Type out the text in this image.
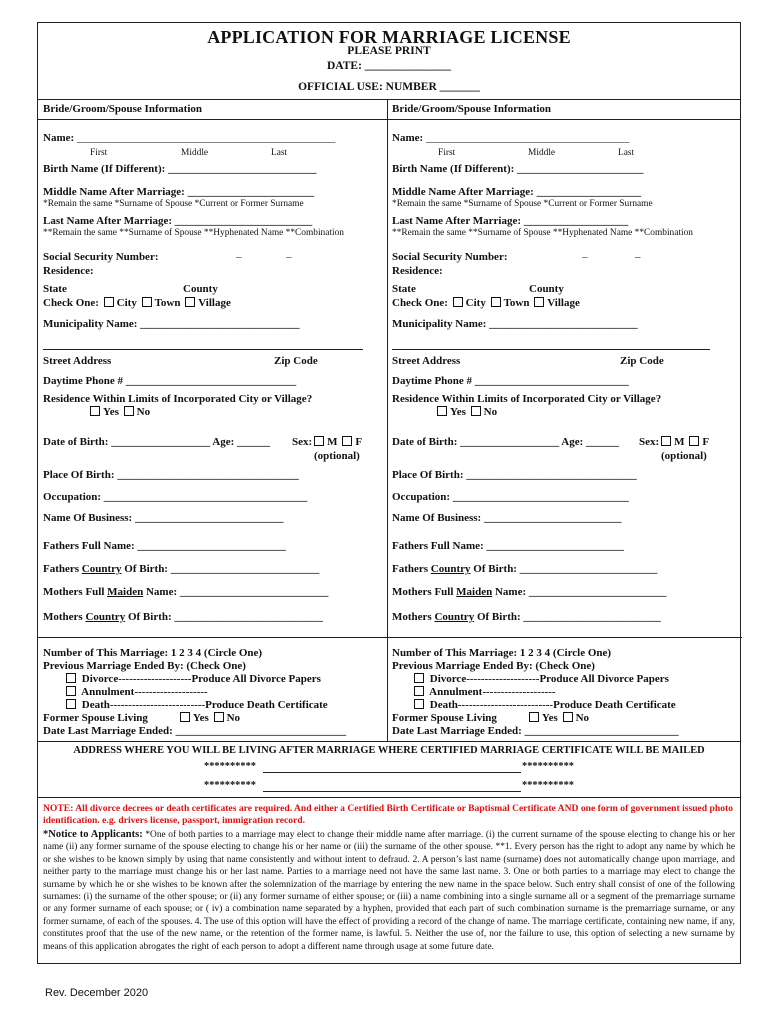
APPLICATION FOR MARRIAGE LICENSE
PLEASE PRINT
DATE: _______________
OFFICIAL USE: NUMBER _______
Bride/Groom/Spouse Information	Bride/Groom/Spouse Information
Name: _______________________________________________
First	Middle	Last
Birth Name (If Different): ___________________________
Middle Name After Marriage: _______________________
*Remain the same *Surname of Spouse *Current or Former Surname
Last Name After Marriage: _________________________
**Remain the same **Surname of Spouse **Hyphenated Name **Combination
Social Security Number:	–	–
Residence:
State	County
Check One: City Town Village
Municipality Name: _____________________________
Street Address	Zip Code
Daytime Phone # _______________________________
Residence Within Limits of Incorporated City or Village?
Yes No
Date of Birth: __________________ Age: ______ Sex: M F
(optional)
Place Of Birth: _________________________________
Occupation: _____________________________________
Name Of Business: ___________________________
Fathers Full Name: ___________________________
Fathers Country Of Birth: ___________________________
Mothers Full Maiden Name: ___________________________
Mothers Country Of Birth: ___________________________
Number of This Marriage: 1 2 3 4 (Circle One)
Previous Marriage Ended By: (Check One)
Divorce--------------------Produce All Divorce Papers
Annulment--------------------
Death--------------------------Produce Death Certificate
Former Spouse Living	Yes No
Date Last Marriage Ended: _______________________________
Name: _____________________________________
First	Middle	Last
Birth Name (If Different): _______________________
Middle Name After Marriage: ___________________
*Remain the same *Surname of Spouse *Current or Former Surname
Last Name After Marriage: ___________________
**Remain the same **Surname of Spouse **Hyphenated Name **Combination
Social Security Number:	–	–
Residence:
State	County
Check One: City Town Village
Municipality Name: ___________________________
Street Address	Zip Code
Daytime Phone # ____________________________
Residence Within Limits of Incorporated City or Village?
Yes No
Date of Birth: __________________ Age: ______ Sex: M F
(optional)
Place Of Birth: _______________________________
Occupation: ________________________________
Name Of Business: _________________________
Fathers Full Name: _________________________
Fathers Country Of Birth: _________________________
Mothers Full Maiden Name: _________________________
Mothers Country Of Birth: _________________________
Number of This Marriage: 1 2 3 4 (Circle One)
Previous Marriage Ended By: (Check One)
Divorce--------------------Produce All Divorce Papers
Annulment--------------------
Death--------------------------Produce Death Certificate
Former Spouse Living	Yes No
Date Last Marriage Ended: ____________________________
ADDRESS WHERE YOU WILL BE LIVING AFTER MARRIAGE WHERE CERTIFIED MARRIAGE CERTIFICATE WILL BE MAILED
**********	**********
**********	**********
NOTE: All divorce decrees or death certificates are required. And either a Certified Birth Certificate or Baptismal Certificate AND one form of government issued photo identification. e.g. drivers license, passport, immigration record.
*Notice to Applicants: *One of both parties to a marriage may elect to change their middle name after marriage. (i) the current surname of the spouse electing to change his or her name (ii) any former surname of the spouse electing to change his or her name or (iii) the surname of the other spouse. **1. Every person has the right to adopt any name by which he or she wishes to be known simply by using that name consistently and without intent to defraud. 2. A person’s last name (surname) does not automatically change upon marriage, and neither party to the marriage must change his or her last name. Parties to a marriage need not have the same last name. 3. One or both parties to a marriage may elect to change the surname by which he or she wishes to be known after the solemnization of the marriage by entering the new name in the space below. Such entry shall consist of one of the following surnames: (i) the surname of the other spouse; or (ii) any former surname of either spouse; or (iii) a name combining into a single surname all or a segment of the premarriage surname or any former surname of each spouse; or ( iv) a combination name separated by a hyphen, provided that each part of such combination surname is the premarriage surname, or any former surname, of each of the spouses. 4. The use of this option will have the effect of providing a record of the change of name. The marriage certificate, containing new name, if any, constitutes proof that the use of the new name, or the retention of the former name, is lawful. 5. Neither the use of, nor the failure to use, this option of selecting a new surname by means of this application abrogates the right of each person to adopt a different name through usage at some future date.
Rev. December 2020
